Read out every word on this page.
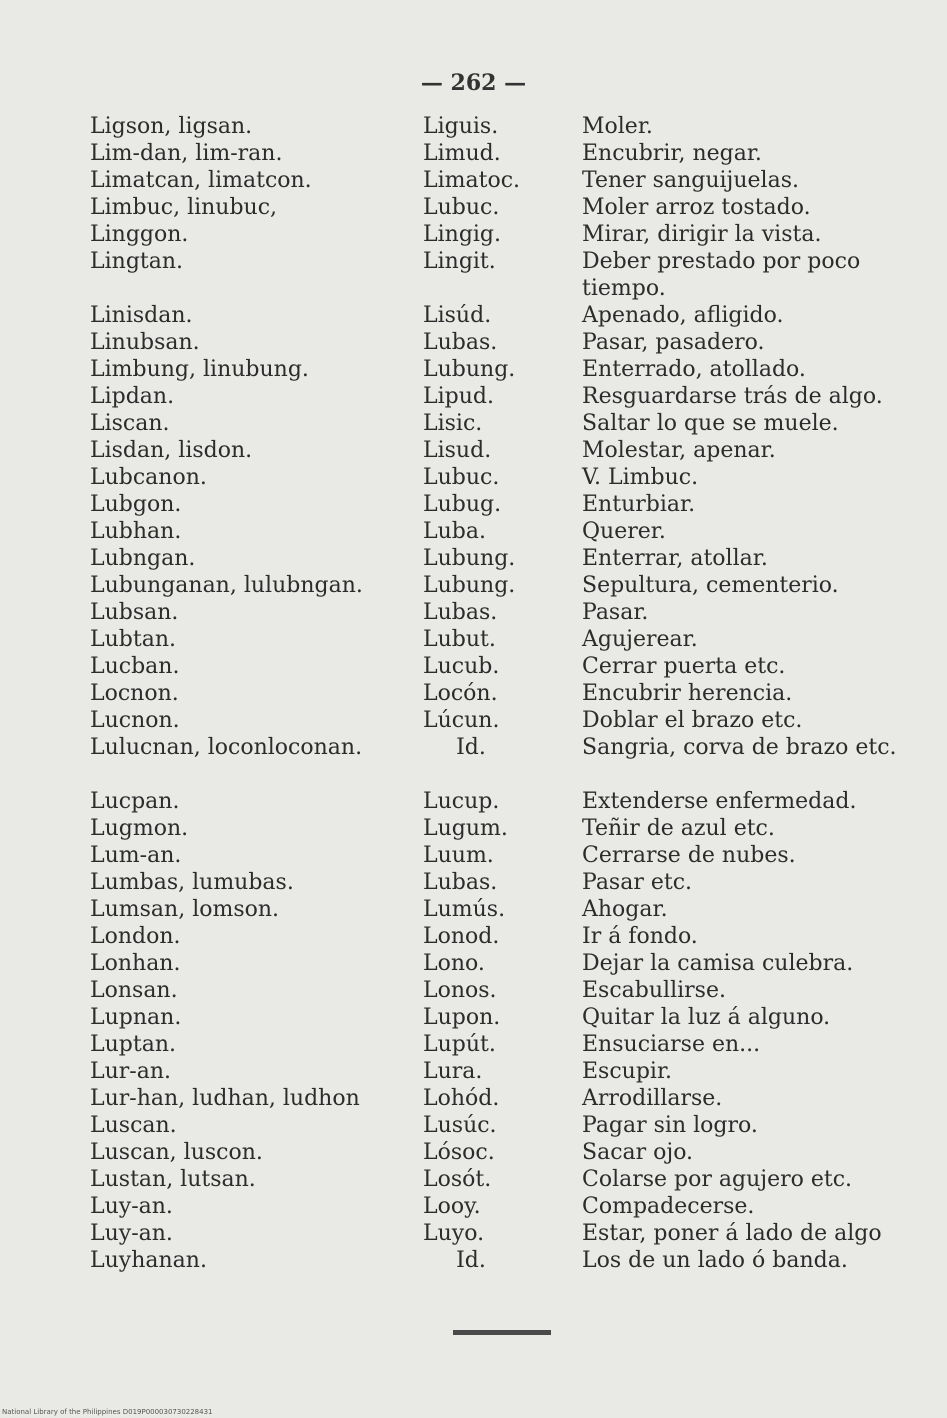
— 262 —
Ligson, ligsan.	Liguis.	Moler.
Lim-dan, lim-ran.	Limud.	Encubrir, negar.
Limatcan, limatcon.	Limatoc.	Tener sanguijuelas.
Limbuc, linubuc,	Lubuc.	Moler arroz tostado.
Linggon.	Lingig.	Mirar, dirigir la vista.
Lingtan.	Lingit.	Deber prestado por poco tiempo.
Linisdan.	Lisúd.	Apenado, afligido.
Linubsan.	Lubas.	Pasar, pasadero.
Limbung, linubung.	Lubung.	Enterrado, atollado.
Lipdan.	Lipud.	Resguardarse trás de algo.
Liscan.	Lisic.	Saltar lo que se muele.
Lisdan, lisdon.	Lisud.	Molestar, apenar.
Lubcanon.	Lubuc.	V. Limbuc.
Lubgon.	Lubug.	Enturbiar.
Lubhan.	Luba.	Querer.
Lubngan.	Lubung.	Enterrar, atollar.
Lubunganan, lulubngan.	Lubung.	Sepultura, cementerio.
Lubsan.	Lubas.	Pasar.
Lubtan.	Lubut.	Agujerear.
Lucban.	Lucub.	Cerrar puerta etc.
Locnon.	Locón.	Encubrir herencia.
Lucnon.	Lúcun.	Doblar el brazo etc.
Lulucnan, loconloconan.	Id.	Sangria, corva de brazo etc.
Lucpan.	Lucup.	Extenderse enfermedad.
Lugmon.	Lugum.	Teñir de azul etc.
Lum-an.	Luum.	Cerrarse de nubes.
Lumbas, lumubas.	Lubas.	Pasar etc.
Lumsan, lomson.	Lumús.	Ahogar.
London.	Lonod.	Ir á fondo.
Lonhan.	Lono.	Dejar la camisa culebra.
Lonsan.	Lonos.	Escabullirse.
Lupnan.	Lupon.	Quitar la luz á alguno.
Luptan.	Lupút.	Ensuciarse en...
Lur-an.	Lura.	Escupir.
Lur-han, ludhan, ludhon	Lohód.	Arrodillarse.
Luscan.	Lusúc.	Pagar sin logro.
Luscan, luscon.	Lósoc.	Sacar ojo.
Lustan, lutsan.	Losót.	Colarse por agujero etc.
Luy-an.	Looy.	Compadecerse.
Luy-an.	Luyo.	Estar, poner á lado de algo
Luyhanan.	Id.	Los de un lado ó banda.
National Library of the Philippines D019P000030730228431
